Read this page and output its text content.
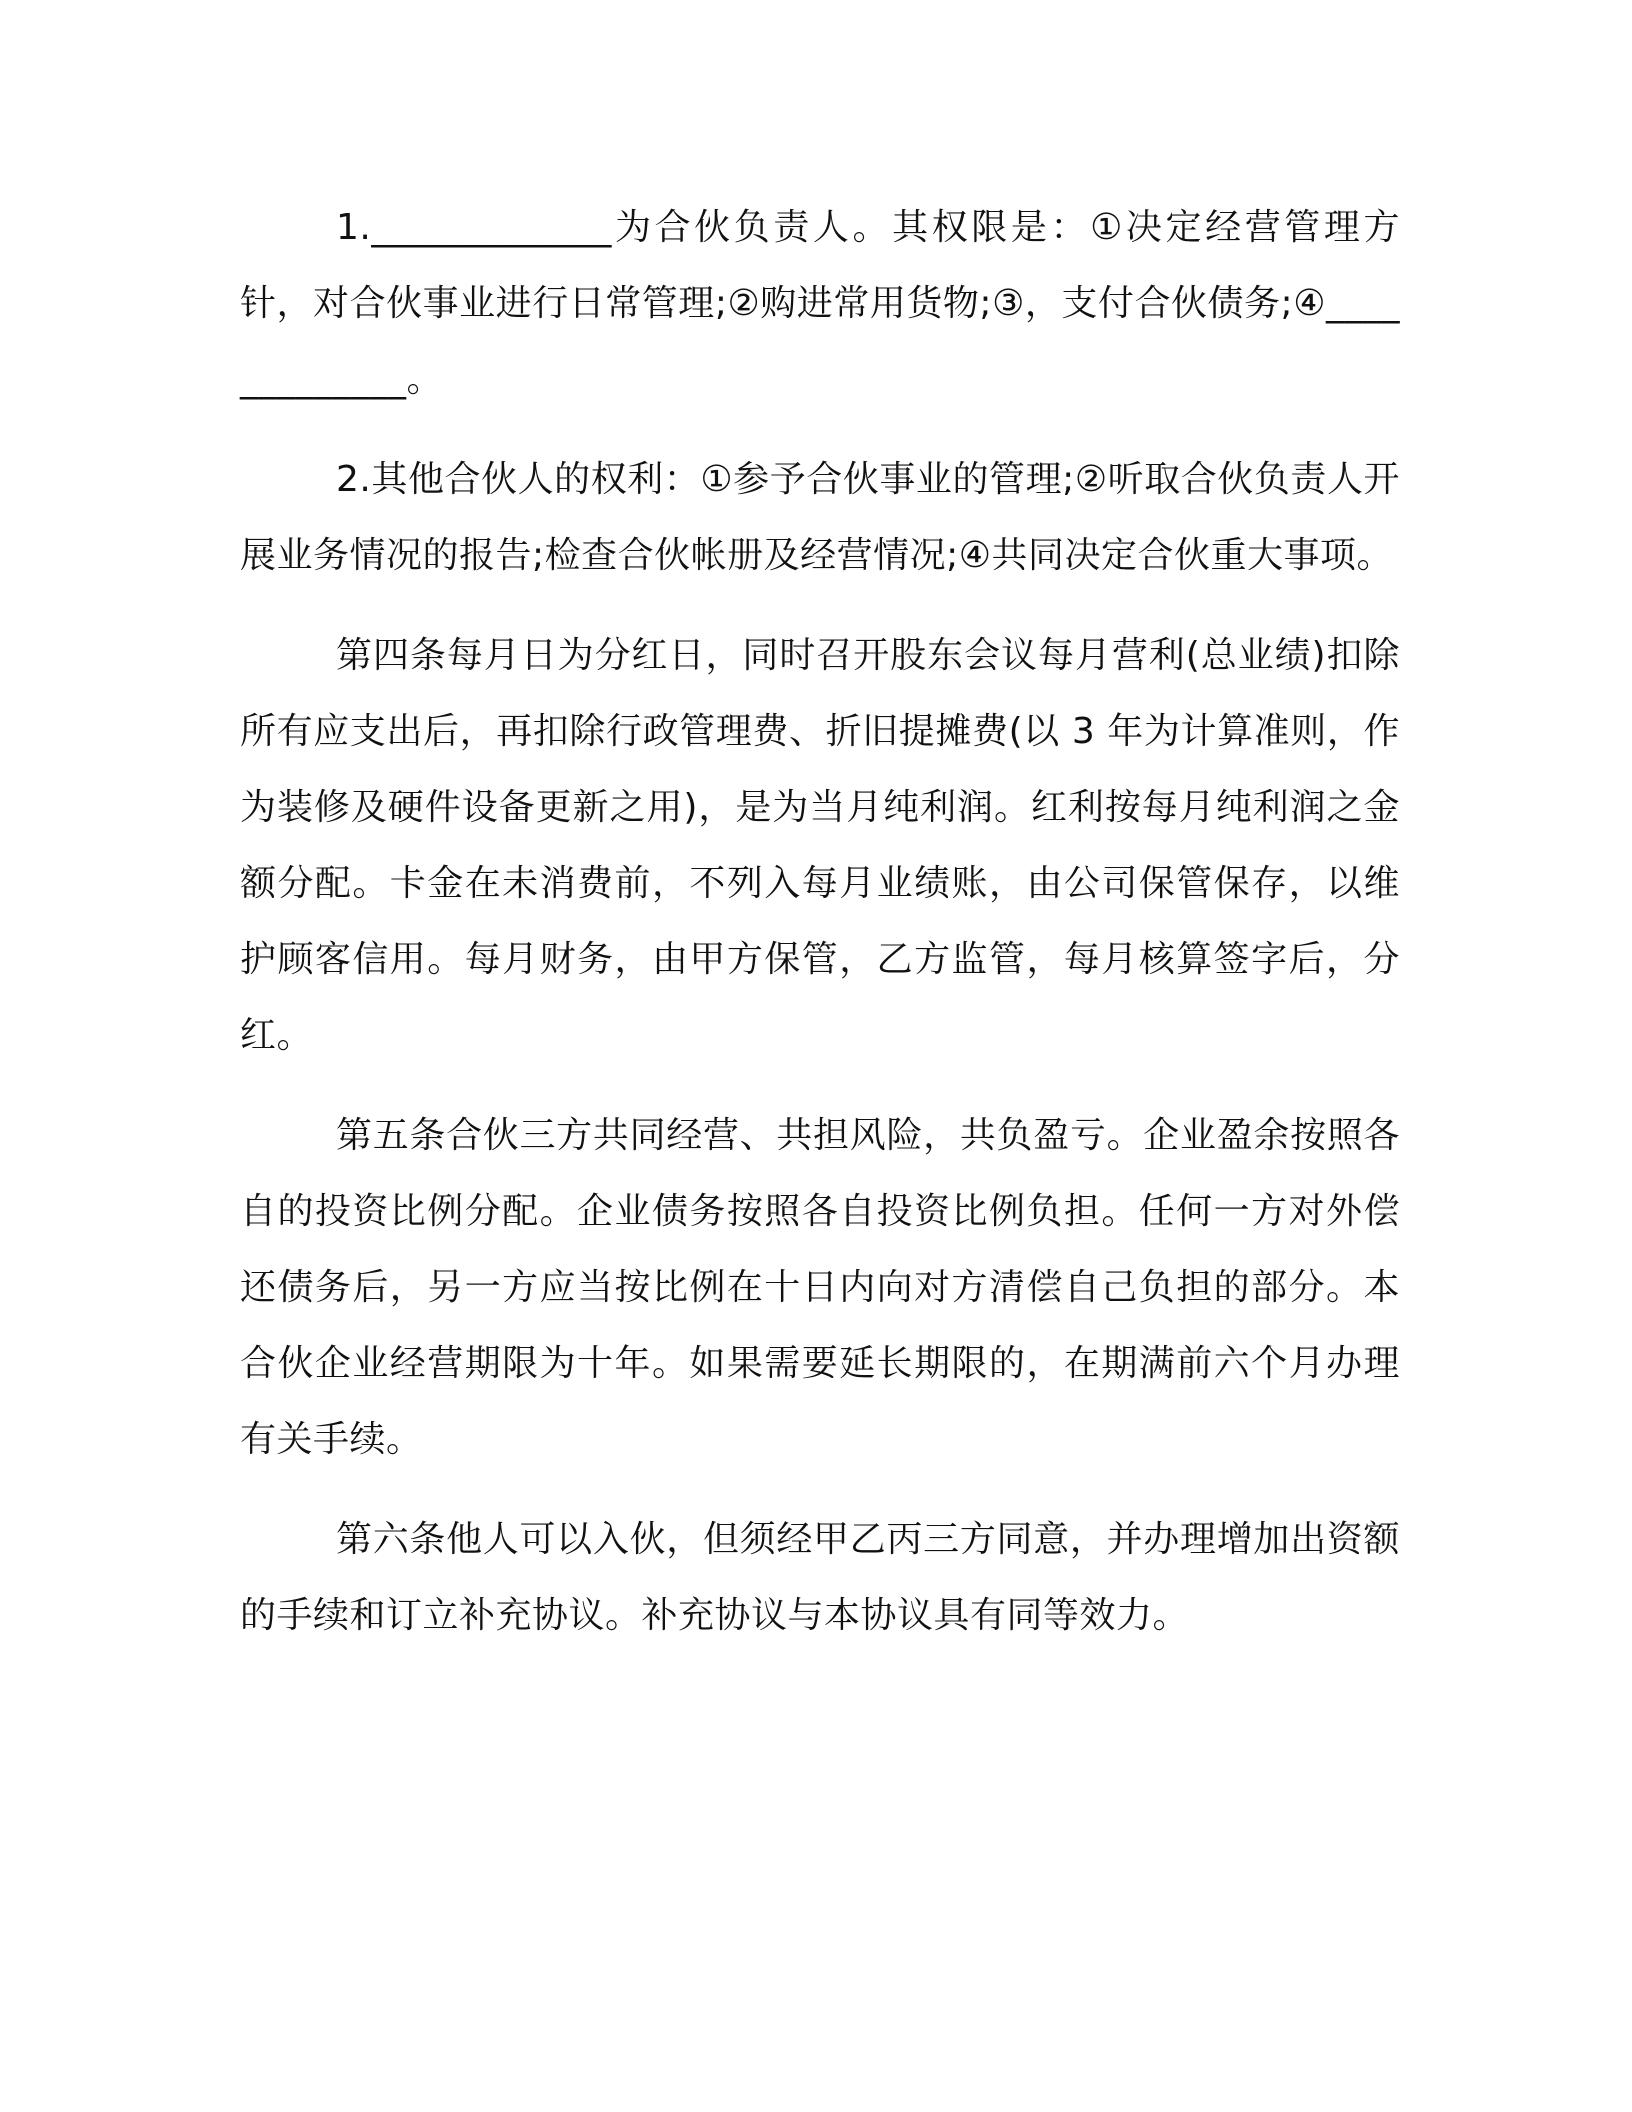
1._____________为合伙负责人。其权限是：①决定经营管理方针，对合伙事业进行日常管理;②购进常用货物;③，支付合伙债务;④_____________。

2.其他合伙人的权利：①参予合伙事业的管理;②听取合伙负责人开展业务情况的报告;检查合伙帐册及经营情况;④共同决定合伙重大事项。

第四条每月日为分红日，同时召开股东会议每月营利(总业绩)扣除所有应支出后，再扣除行政管理费、折旧提摊费(以 3 年为计算准则，作为装修及硬件设备更新之用)，是为当月纯利润。红利按每月纯利润之金额分配。卡金在未消费前，不列入每月业绩账，由公司保管保存，以维护顾客信用。每月财务，由甲方保管，乙方监管，每月核算签字后，分红。

第五条合伙三方共同经营、共担风险，共负盈亏。企业盈余按照各自的投资比例分配。企业债务按照各自投资比例负担。任何一方对外偿还债务后，另一方应当按比例在十日内向对方清偿自己负担的部分。本合伙企业经营期限为十年。如果需要延长期限的，在期满前六个月办理有关手续。

第六条他人可以入伙，但须经甲乙丙三方同意，并办理增加出资额的手续和订立补充协议。补充协议与本协议具有同等效力。
